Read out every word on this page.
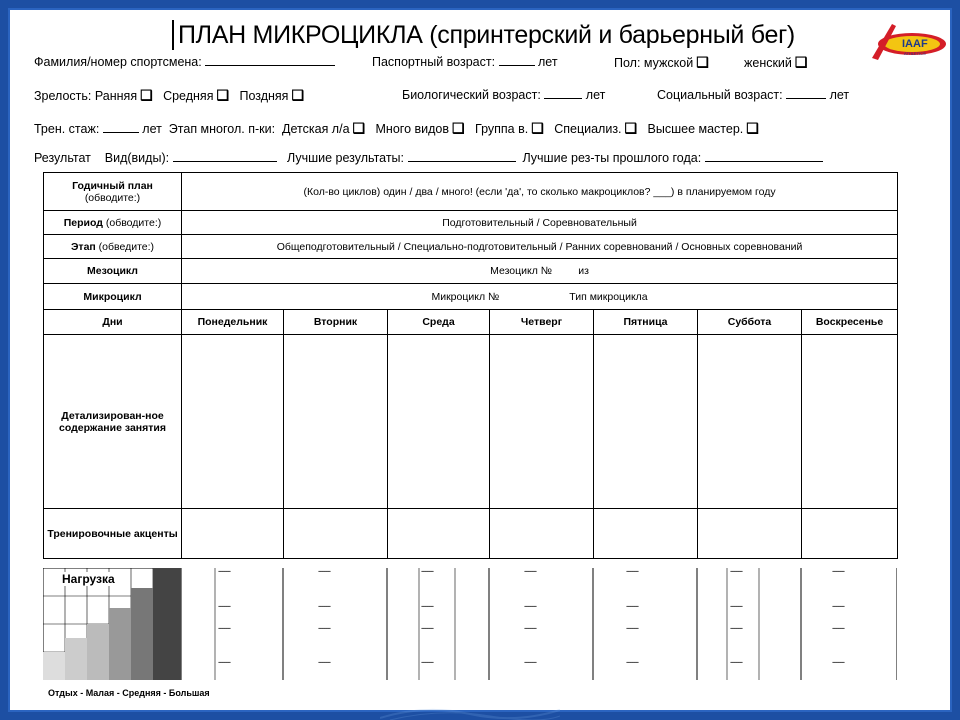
ПЛАН МИКРОЦИКЛА (спринтерский и барьерный бег)	IAAF
ATHLETICS
Фамилия/номер спортсмена:	Паспортный возраст:	лет	Пол: мужской ❑	женский ❑
Зрелость: Ранняя ❑ Средняя ❑ Поздняя ❑	Биологический возраст:	лет	Социальный возраст:	лет
Трен. стаж:	лет Этап многол. п-ки: Детская л/а ❑ Много видов ❑ Группа в. ❑ Специализ. ❑ Высшее мастер. ❑
Результат Вид(виды):	Лучшие результаты:	Лучшие рез-ты прошлого года:
Годичный план (обводите:)	(Кол-во циклов) один / два / много! (если 'да', то сколько макроциклов? ___) в планируемом году						
Период (обводите:)	Подготовительный / Соревновательный						
Этап (обведите:)	Общеподготовительный / Специально-подготовительный / Ранних соревнований / Основных соревнований						
Мезоцикл	Мезоцикл № из						
Микроцикл	Микроцикл № Тип микроцикла						
Дни	Понедельник	Вторник	Среда	Четверг	Пятница	Суббота	Воскресенье
Детализирован-ное содержание занятия							
Тренировочные акценты							
Нагрузка
------	------	------	------	------	------	------
------	------	------	------	------	------	------
------	------	------	------	------	------	------
------	------	------	------	------	------	------
Отдых - Малая - Средняя - Большая
